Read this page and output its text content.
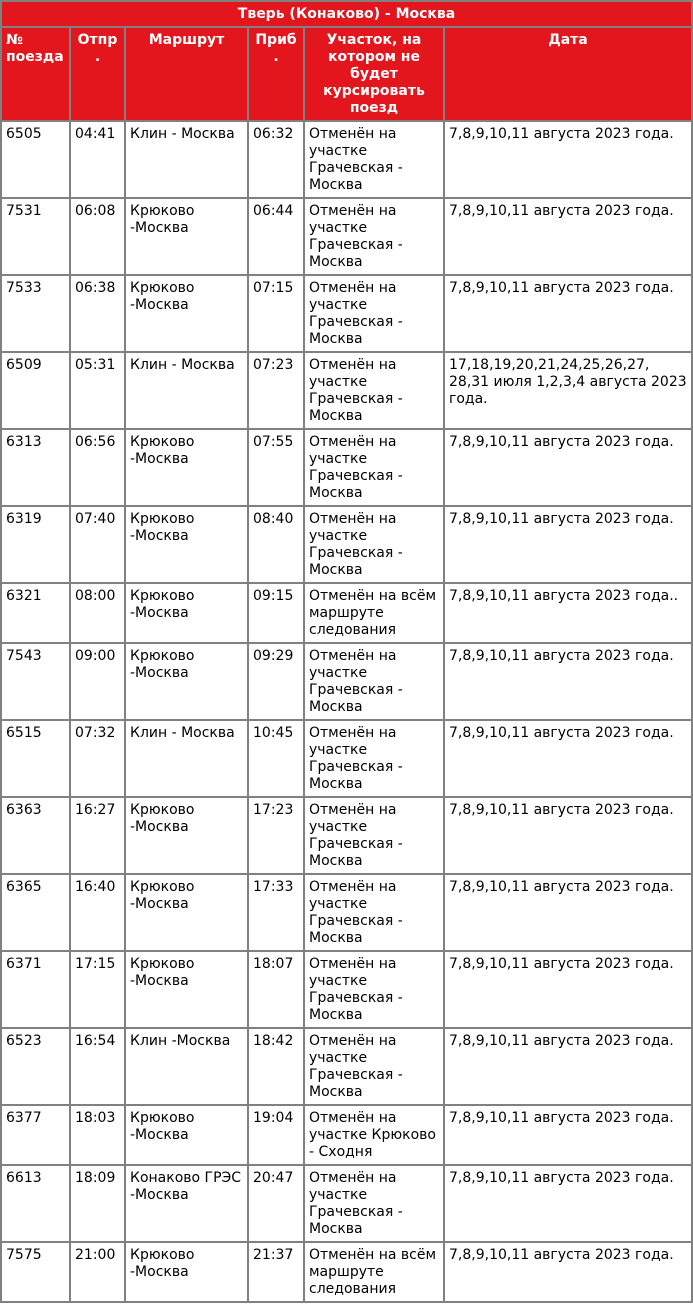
Тверь (Конаково) - Москва					
№ поезда	Отпр.	Маршрут	Приб.	Участок, на котором не будет курсировать поезд	Дата
6505	04:41	Клин - Москва	06:32	Отменён на участке Грачевская - Москва	7,8,9,10,11 августа 2023 года.
7531	06:08	Крюково -Москва	06:44	Отменён на участке Грачевская - Москва	7,8,9,10,11 августа 2023 года.
7533	06:38	Крюково -Москва	07:15	Отменён на участке Грачевская - Москва	7,8,9,10,11 августа 2023 года.
6509	05:31	Клин - Москва	07:23	Отменён на участке Грачевская - Москва	17,18,19,20,21,24,25,26,27, 28,31 июля 1,2,3,4 августа 2023 года.
6313	06:56	Крюково -Москва	07:55	Отменён на участке Грачевская - Москва	7,8,9,10,11 августа 2023 года.
6319	07:40	Крюково -Москва	08:40	Отменён на участке Грачевская - Москва	7,8,9,10,11 августа 2023 года.
6321	08:00	Крюково -Москва	09:15	Отменён на всём маршруте следования	7,8,9,10,11 августа 2023 года..
7543	09:00	Крюково -Москва	09:29	Отменён на участке Грачевская - Москва	7,8,9,10,11 августа 2023 года.
6515	07:32	Клин - Москва	10:45	Отменён на участке Грачевская - Москва	7,8,9,10,11 августа 2023 года.
6363	16:27	Крюково -Москва	17:23	Отменён на участке Грачевская - Москва	7,8,9,10,11 августа 2023 года.
6365	16:40	Крюково -Москва	17:33	Отменён на участке Грачевская - Москва	7,8,9,10,11 августа 2023 года.
6371	17:15	Крюково -Москва	18:07	Отменён на участке Грачевская - Москва	7,8,9,10,11 августа 2023 года.
6523	16:54	Клин -Москва	18:42	Отменён на участке Грачевская - Москва	7,8,9,10,11 августа 2023 года.
6377	18:03	Крюково -Москва	19:04	Отменён на участке Крюково - Сходня	7,8,9,10,11 августа 2023 года.
6613	18:09	Конаково ГРЭС -Москва	20:47	Отменён на участке Грачевская - Москва	7,8,9,10,11 августа 2023 года.
7575	21:00	Крюково -Москва	21:37	Отменён на всём маршруте следования	7,8,9,10,11 августа 2023 года.
